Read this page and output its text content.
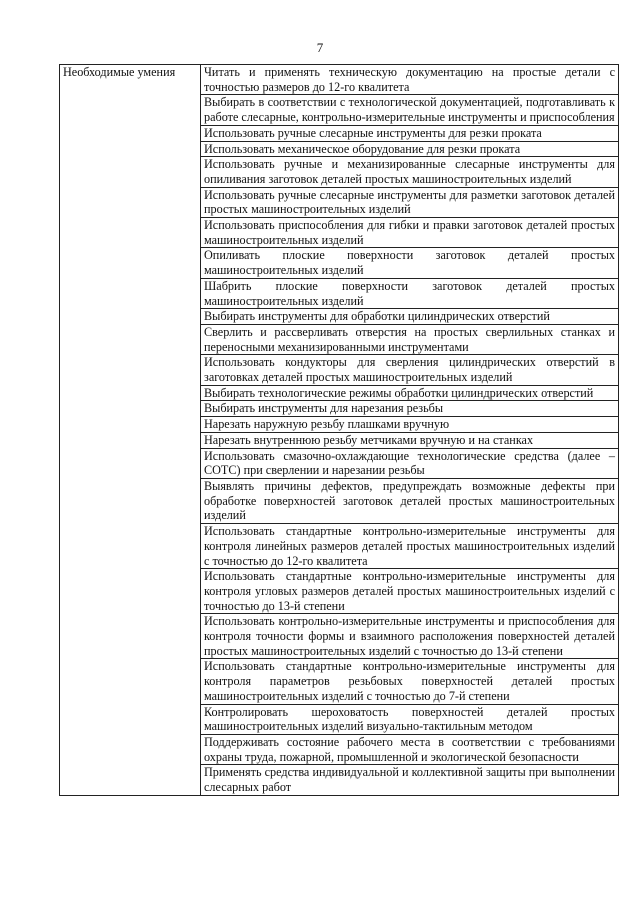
7
Необходимые умения	Читать и применять техническую документацию на простые детали с точностью размеров до 12-го квалитета
Выбирать в соответствии с технологической документацией, подготавливать к работе слесарные, контрольно-измерительные инструменты и приспособления
Использовать ручные слесарные инструменты для резки проката
Использовать механическое оборудование для резки проката
Использовать ручные и механизированные слесарные инструменты для опиливания заготовок деталей простых машиностроительных изделий
Использовать ручные слесарные инструменты для разметки заготовок деталей простых машиностроительных изделий
Использовать приспособления для гибки и правки заготовок деталей простых машиностроительных изделий
Опиливать плоские поверхности заготовок деталей простых машиностроительных изделий
Шабрить плоские поверхности заготовок деталей простых машиностроительных изделий
Выбирать инструменты для обработки цилиндрических отверстий
Сверлить и рассверливать отверстия на простых сверлильных станках и переносными механизированными инструментами
Использовать кондукторы для сверления цилиндрических отверстий в заготовках деталей простых машиностроительных изделий
Выбирать технологические режимы обработки цилиндрических отверстий
Выбирать инструменты для нарезания резьбы
Нарезать наружную резьбу плашками вручную
Нарезать внутреннюю резьбу метчиками вручную и на станках
Использовать смазочно-охлаждающие технологические средства (далее – СОТС) при сверлении и нарезании резьбы
Выявлять причины дефектов, предупреждать возможные дефекты при обработке поверхностей заготовок деталей простых машиностроительных изделий
Использовать стандартные контрольно-измерительные инструменты для контроля линейных размеров деталей простых машиностроительных изделий с точностью до 12-го квалитета
Использовать стандартные контрольно-измерительные инструменты для контроля угловых размеров деталей простых машиностроительных изделий с точностью до 13-й степени
Использовать контрольно-измерительные инструменты и приспособления для контроля точности формы и взаимного расположения поверхностей деталей простых машиностроительных изделий с точностью до 13-й степени
Использовать стандартные контрольно-измерительные инструменты для контроля параметров резьбовых поверхностей деталей простых машиностроительных изделий с точностью до 7-й степени
Контролировать шероховатость поверхностей деталей простых машиностроительных изделий визуально-тактильным методом
Поддерживать состояние рабочего места в соответствии с требованиями охраны труда, пожарной, промышленной и экологической безопасности
Применять средства индивидуальной и коллективной защиты при выполнении слесарных работ
